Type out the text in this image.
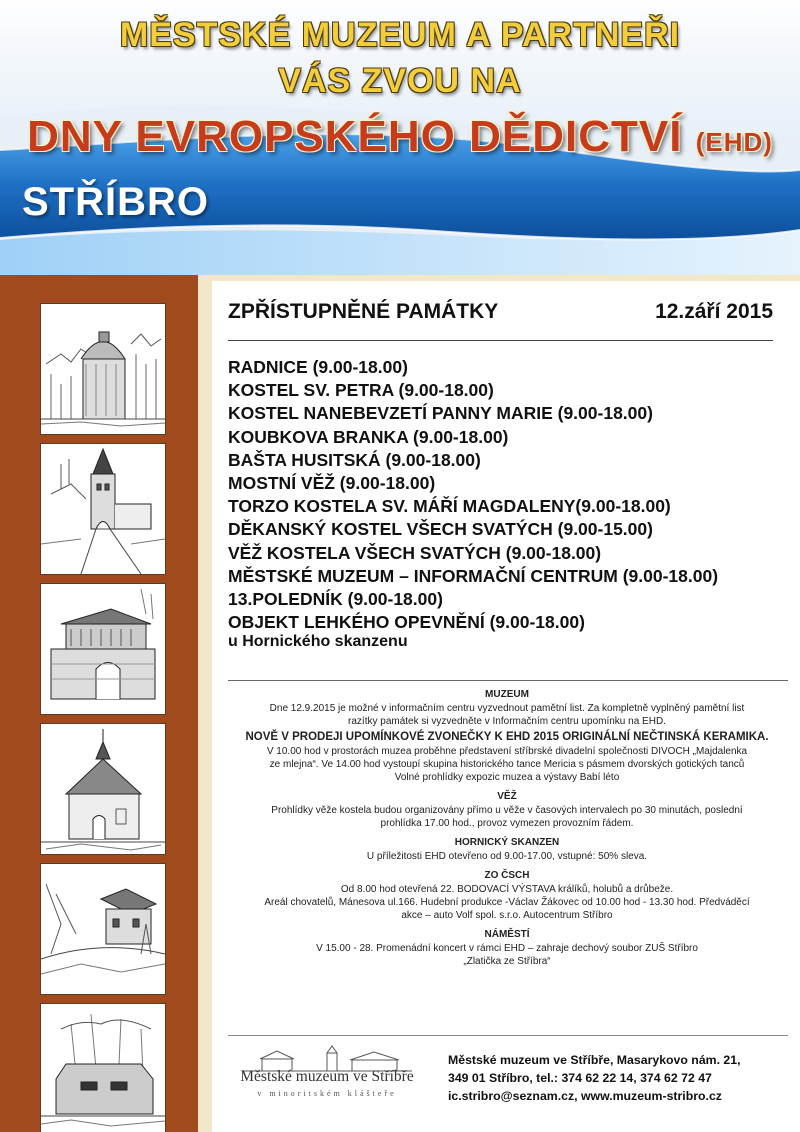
MĚSTSKÉ MUZEUM A PARTNEŘI
VÁS ZVOU NA
DNY EVROPSKÉHO DĚDICTVÍ (EHD)
STŘÍBRO
ZPŘÍSTUPNĚNÉ PAMÁTKY	12.září 2015
RADNICE (9.00-18.00)
KOSTEL SV. PETRA (9.00-18.00)
KOSTEL NANEBEVZETÍ PANNY MARIE (9.00-18.00)
KOUBKOVA BRANKA (9.00-18.00)
BAŠTA HUSITSKÁ (9.00-18.00)
MOSTNÍ VĚŽ (9.00-18.00)
TORZO KOSTELA SV. MÁŘÍ MAGDALENY(9.00-18.00)
DĚKANSKÝ KOSTEL VŠECH SVATÝCH (9.00-15.00)
VĚŽ KOSTELA VŠECH SVATÝCH (9.00-18.00)
MĚSTSKÉ MUZEUM – INFORMAČNÍ CENTRUM (9.00-18.00)
13.POLEDNÍK (9.00-18.00)
OBJEKT LEHKÉHO OPEVNĚNÍ (9.00-18.00)
u Hornického skanzenu
MUZEUM
Dne 12.9.2015 je možné v informačním centru vyzvednout pamětní list. Za kompletně vyplněný pamětní list
razítky památek si vyzvedněte v Informačním centru upomínku na EHD.
NOVĚ V PRODEJI UPOMÍNKOVÉ ZVONEČKY K EHD 2015 ORIGINÁLNÍ NEČTINSKÁ KERAMIKA.
V 10.00 hod v prostorách muzea proběhne představení stříbrské divadelní společnosti DIVOCH „Majdalenka
ze mlejna“. Ve 14.00 hod vystoupí skupina historického tance Mericia s pásmem dvorských gotických tanců
Volné prohlídky expozic muzea a výstavy Babí léto
VĚŽ
Prohlídky věže kostela budou organizovány přímo u věže v časových intervalech po 30 minutách, poslední
prohlídka 17.00 hod., provoz vymezen provozním řádem.
HORNICKÝ SKANZEN
U příležitosti EHD otevřeno od 9.00-17.00, vstupné: 50% sleva.
ZO ČSCH
Od 8.00 hod otevřená 22. BODOVACÍ VÝSTAVA králíků, holubů a drůbeže.
Areál chovatelů, Mánesova ul.166. Hudební produkce -Václav Žákovec od 10.00 hod - 13.30 hod. Předváděcí
akce – auto Volf spol. s.r.o. Autocentrum Stříbro
NÁMĚSTÍ
V 15.00 - 28. Promenádní koncert v rámci EHD – zahraje dechový soubor ZUŠ Stříbro
„Zlatička ze Stříbra“
Městské muzeum ve Stříbře
v minoritském klášteře
Městské muzeum ve Stříbře, Masarykovo nám. 21,
349 01 Stříbro, tel.: 374 62 22 14, 374 62 72 47
ic.stribro@seznam.cz, www.muzeum-stribro.cz
